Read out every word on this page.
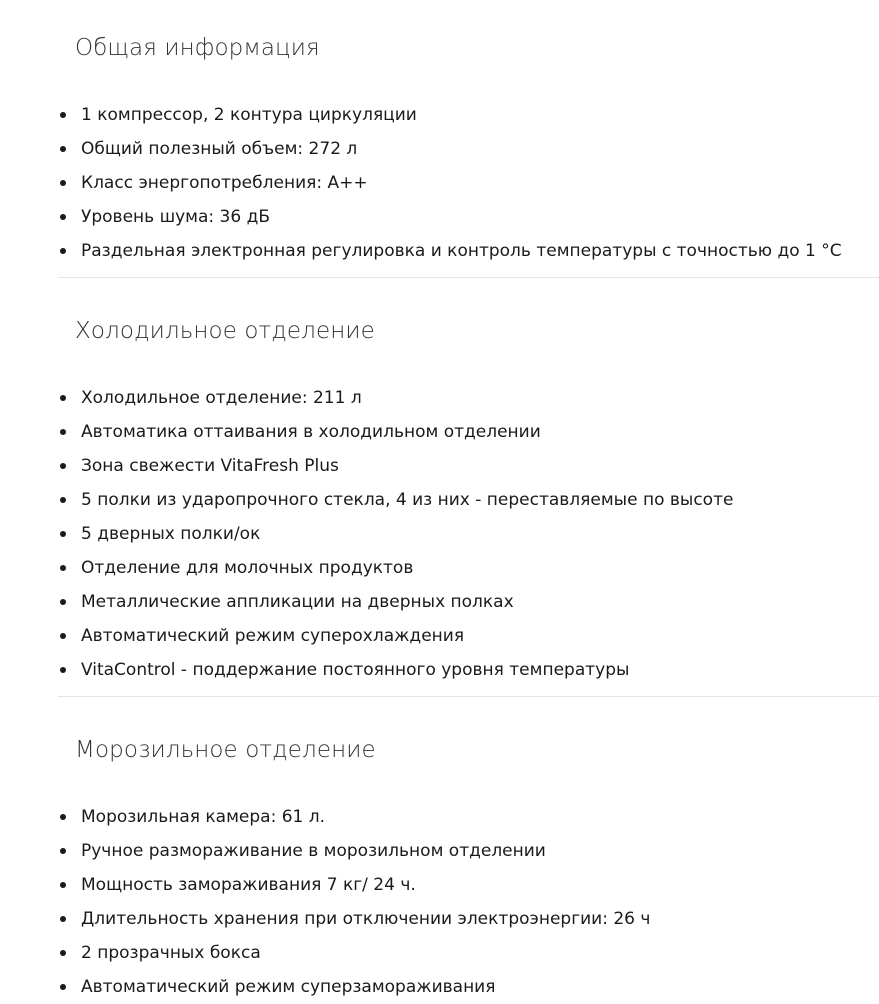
Общая информация
1 компрессор, 2 контура циркуляции
Общий полезный объем: 272 л
Класс энергопотребления: A++
Уровень шума: 36 дБ
Раздельная электронная регулировка и контроль температуры с точностью до 1 °C
Холодильное отделение
Холодильное отделение: 211 л
Автоматика оттаивания в холодильном отделении
Зона свежести VitaFresh Plus
5 полки из ударопрочного стекла, 4 из них - переставляемые по высоте
5 дверных полки/ок
Отделение для молочных продуктов
Металлические аппликации на дверных полках
Автоматический режим суперохлаждения
VitaControl - поддержание постоянного уровня температуры
Морозильное отделение
Морозильная камера: 61 л.
Ручное размораживание в морозильном отделении
Мощность замораживания 7 кг/ 24 ч.
Длительность хранения при отключении электроэнергии: 26 ч
2 прозрачных бокса
Автоматический режим суперзамораживания
